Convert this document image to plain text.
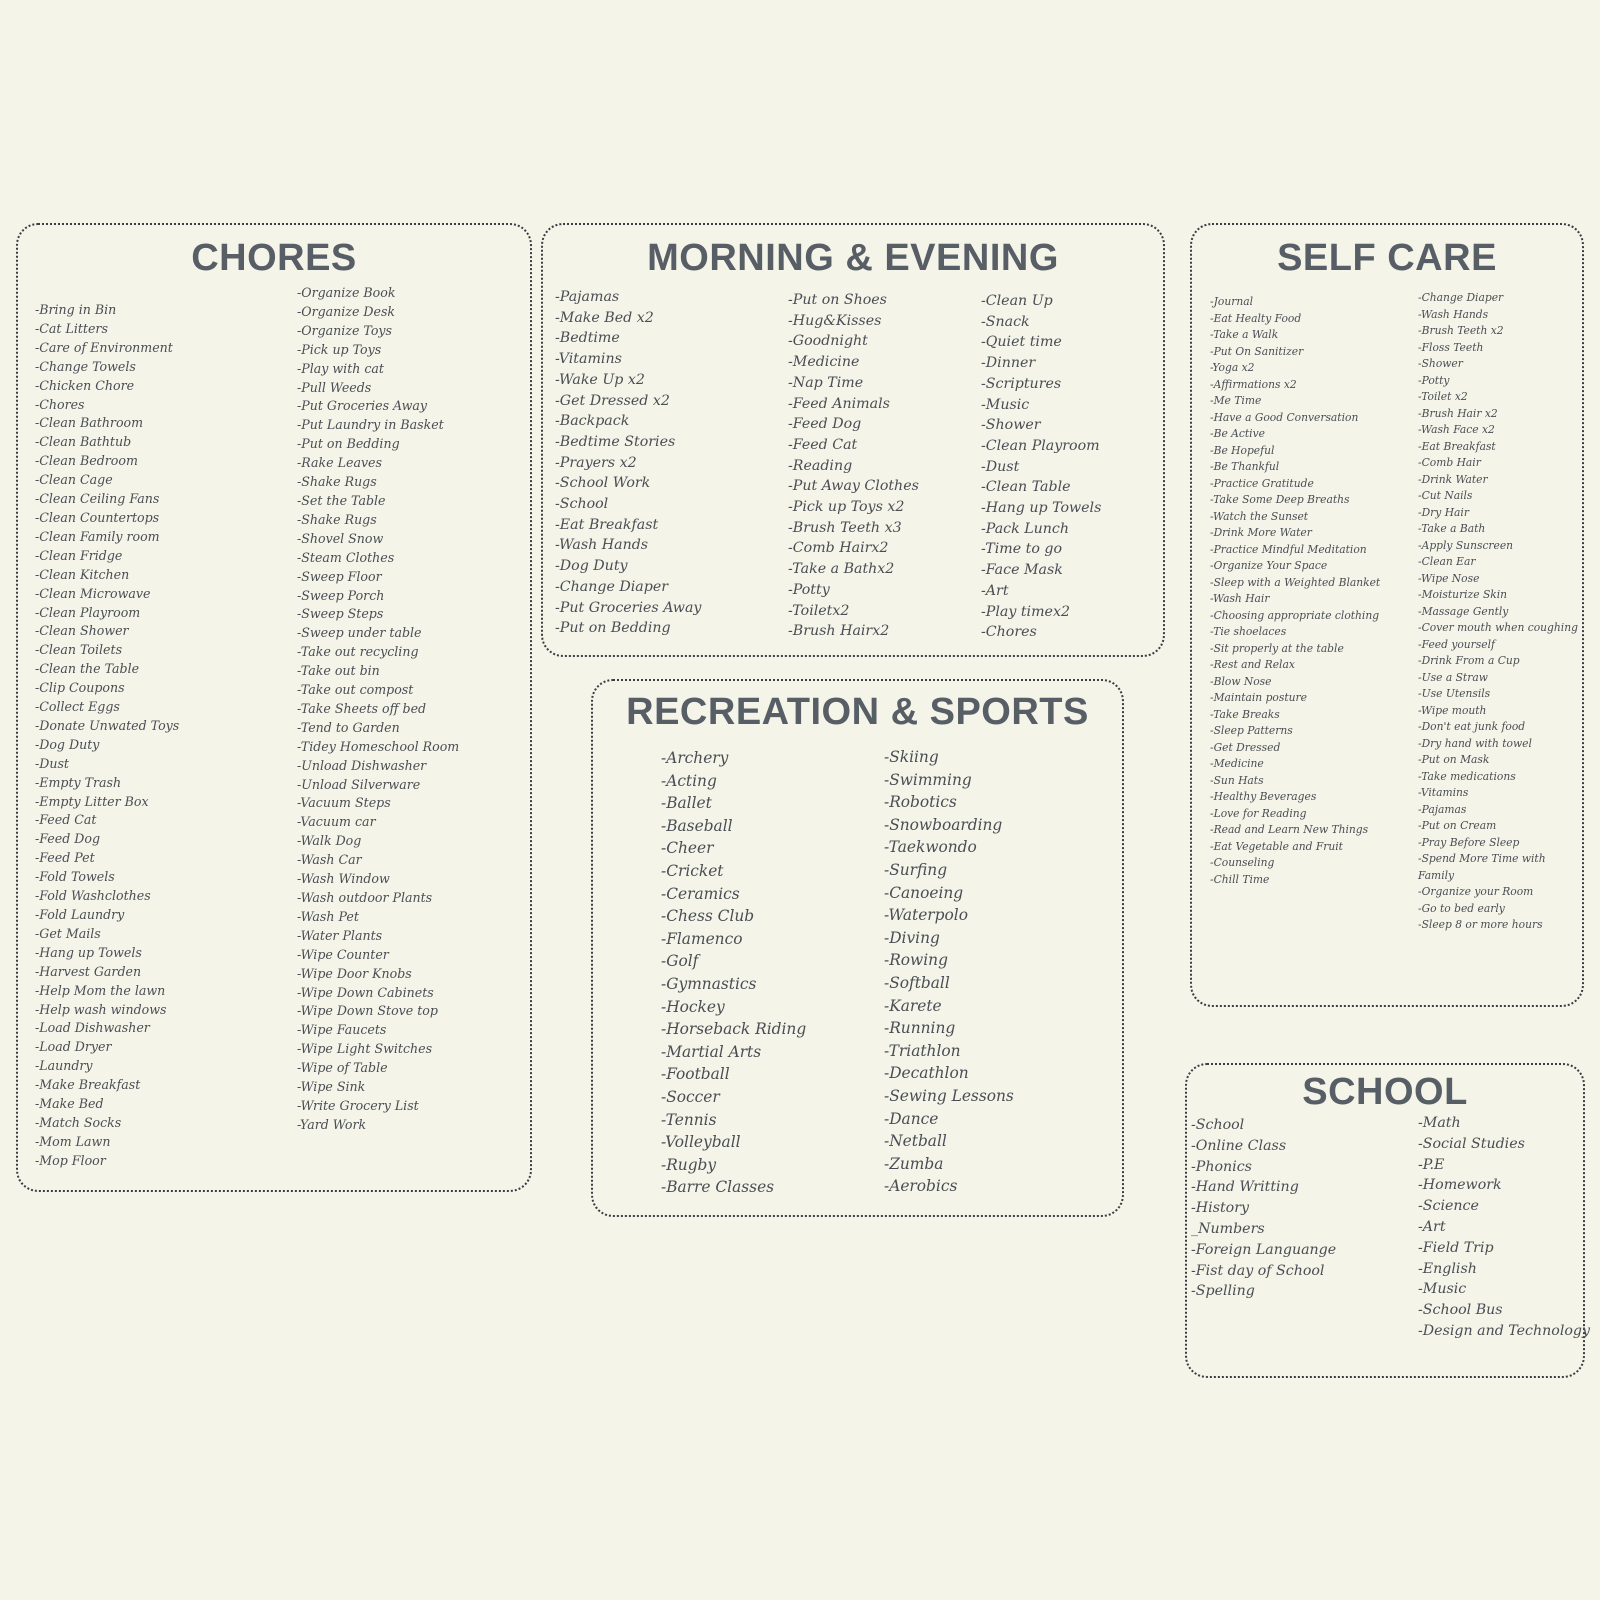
CHORES
-Bring in Bin
-Cat Litters
-Care of Environment
-Change Towels
-Chicken Chore
-Chores
-Clean Bathroom
-Clean Bathtub
-Clean Bedroom
-Clean Cage
-Clean Ceiling Fans
-Clean Countertops
-Clean Family room
-Clean Fridge
-Clean Kitchen
-Clean Microwave
-Clean Playroom
-Clean Shower
-Clean Toilets
-Clean the Table
-Clip Coupons
-Collect Eggs
-Donate Unwated Toys
-Dog Duty
-Dust
-Empty Trash
-Empty Litter Box
-Feed Cat
-Feed Dog
-Feed Pet
-Fold Towels
-Fold Washclothes
-Fold Laundry
-Get Mails
-Hang up Towels
-Harvest Garden
-Help Mom the lawn
-Help wash windows
-Load Dishwasher
-Load Dryer
-Laundry
-Make Breakfast
-Make Bed
-Match Socks
-Mom Lawn
-Mop Floor
-Organize Book
-Organize Desk
-Organize Toys
-Pick up Toys
-Play with cat
-Pull Weeds
-Put Groceries Away
-Put Laundry in Basket
-Put on Bedding
-Rake Leaves
-Shake Rugs
-Set the Table
-Shake Rugs
-Shovel Snow
-Steam Clothes
-Sweep Floor
-Sweep Porch
-Sweep Steps
-Sweep under table
-Take out recycling
-Take out bin
-Take out compost
-Take Sheets off bed
-Tend to Garden
-Tidey Homeschool Room
-Unload Dishwasher
-Unload Silverware
-Vacuum Steps
-Vacuum car
-Walk Dog
-Wash Car
-Wash Window
-Wash outdoor Plants
-Wash Pet
-Water Plants
-Wipe Counter
-Wipe Door Knobs
-Wipe Down Cabinets
-Wipe Down Stove top
-Wipe Faucets
-Wipe Light Switches
-Wipe of Table
-Wipe Sink
-Write Grocery List
-Yard Work
MORNING & EVENING
-Pajamas
-Make Bed x2
-Bedtime
-Vitamins
-Wake Up x2
-Get Dressed x2
-Backpack
-Bedtime Stories
-Prayers x2
-School Work
-School
-Eat Breakfast
-Wash Hands
-Dog Duty
-Change Diaper
-Put Groceries Away
-Put on Bedding
-Put on Shoes
-Hug&Kisses
-Goodnight
-Medicine
-Nap Time
-Feed Animals
-Feed Dog
-Feed Cat
-Reading
-Put Away Clothes
-Pick up Toys x2
-Brush Teeth x3
-Comb Hairx2
-Take a Bathx2
-Potty
-Toiletx2
-Brush Hairx2
-Clean Up
-Snack
-Quiet time
-Dinner
-Scriptures
-Music
-Shower
-Clean Playroom
-Dust
-Clean Table
-Hang up Towels
-Pack Lunch
-Time to go
-Face Mask
-Art
-Play timex2
-Chores
RECREATION & SPORTS
-Archery
-Acting
-Ballet
-Baseball
-Cheer
-Cricket
-Ceramics
-Chess Club
-Flamenco
-Golf
-Gymnastics
-Hockey
-Horseback Riding
-Martial Arts
-Football
-Soccer
-Tennis
-Volleyball
-Rugby
-Barre Classes
-Skiing
-Swimming
-Robotics
-Snowboarding
-Taekwondo
-Surfing
-Canoeing
-Waterpolo
-Diving
-Rowing
-Softball
-Karete
-Running
-Triathlon
-Decathlon
-Sewing Lessons
-Dance
-Netball
-Zumba
-Aerobics
SELF CARE
-Journal
-Eat Healty Food
-Take a Walk
-Put On Sanitizer
-Yoga x2
-Affirmations x2
-Me Time
-Have a Good Conversation
-Be Active
-Be Hopeful
-Be Thankful
-Practice Gratitude
-Take Some Deep Breaths
-Watch the Sunset
-Drink More Water
-Practice Mindful Meditation
-Organize Your Space
-Sleep with a Weighted Blanket
-Wash Hair
-Choosing appropriate clothing
-Tie shoelaces
-Sit properly at the table
-Rest and Relax
-Blow Nose
-Maintain posture
-Take Breaks
-Sleep Patterns
-Get Dressed
-Medicine
-Sun Hats
-Healthy Beverages
-Love for Reading
-Read and Learn New Things
-Eat Vegetable and Fruit
-Counseling
-Chill Time
-Change Diaper
-Wash Hands
-Brush Teeth x2
-Floss Teeth
-Shower
-Potty
-Toilet x2
-Brush Hair x2
-Wash Face x2
-Eat Breakfast
-Comb Hair
-Drink Water
-Cut Nails
-Dry Hair
-Take a Bath
-Apply Sunscreen
-Clean Ear
-Wipe Nose
-Moisturize Skin
-Massage Gently
-Cover mouth when coughing
-Feed yourself
-Drink From a Cup
-Use a Straw
-Use Utensils
-Wipe mouth
-Don't eat junk food
-Dry hand with towel
-Put on Mask
-Take medications
-Vitamins
-Pajamas
-Put on Cream
-Pray Before Sleep
-Spend More Time with Family
-Organize your Room
-Go to bed early
-Sleep 8 or more hours
SCHOOL
-School
-Online Class
-Phonics
-Hand Writting
-History
_Numbers
-Foreign Languange
-Fist day of School
-Spelling
-Math
-Social Studies
-P.E
-Homework
-Science
-Art
-Field Trip
-English
-Music
-School Bus
-Design and Technology
